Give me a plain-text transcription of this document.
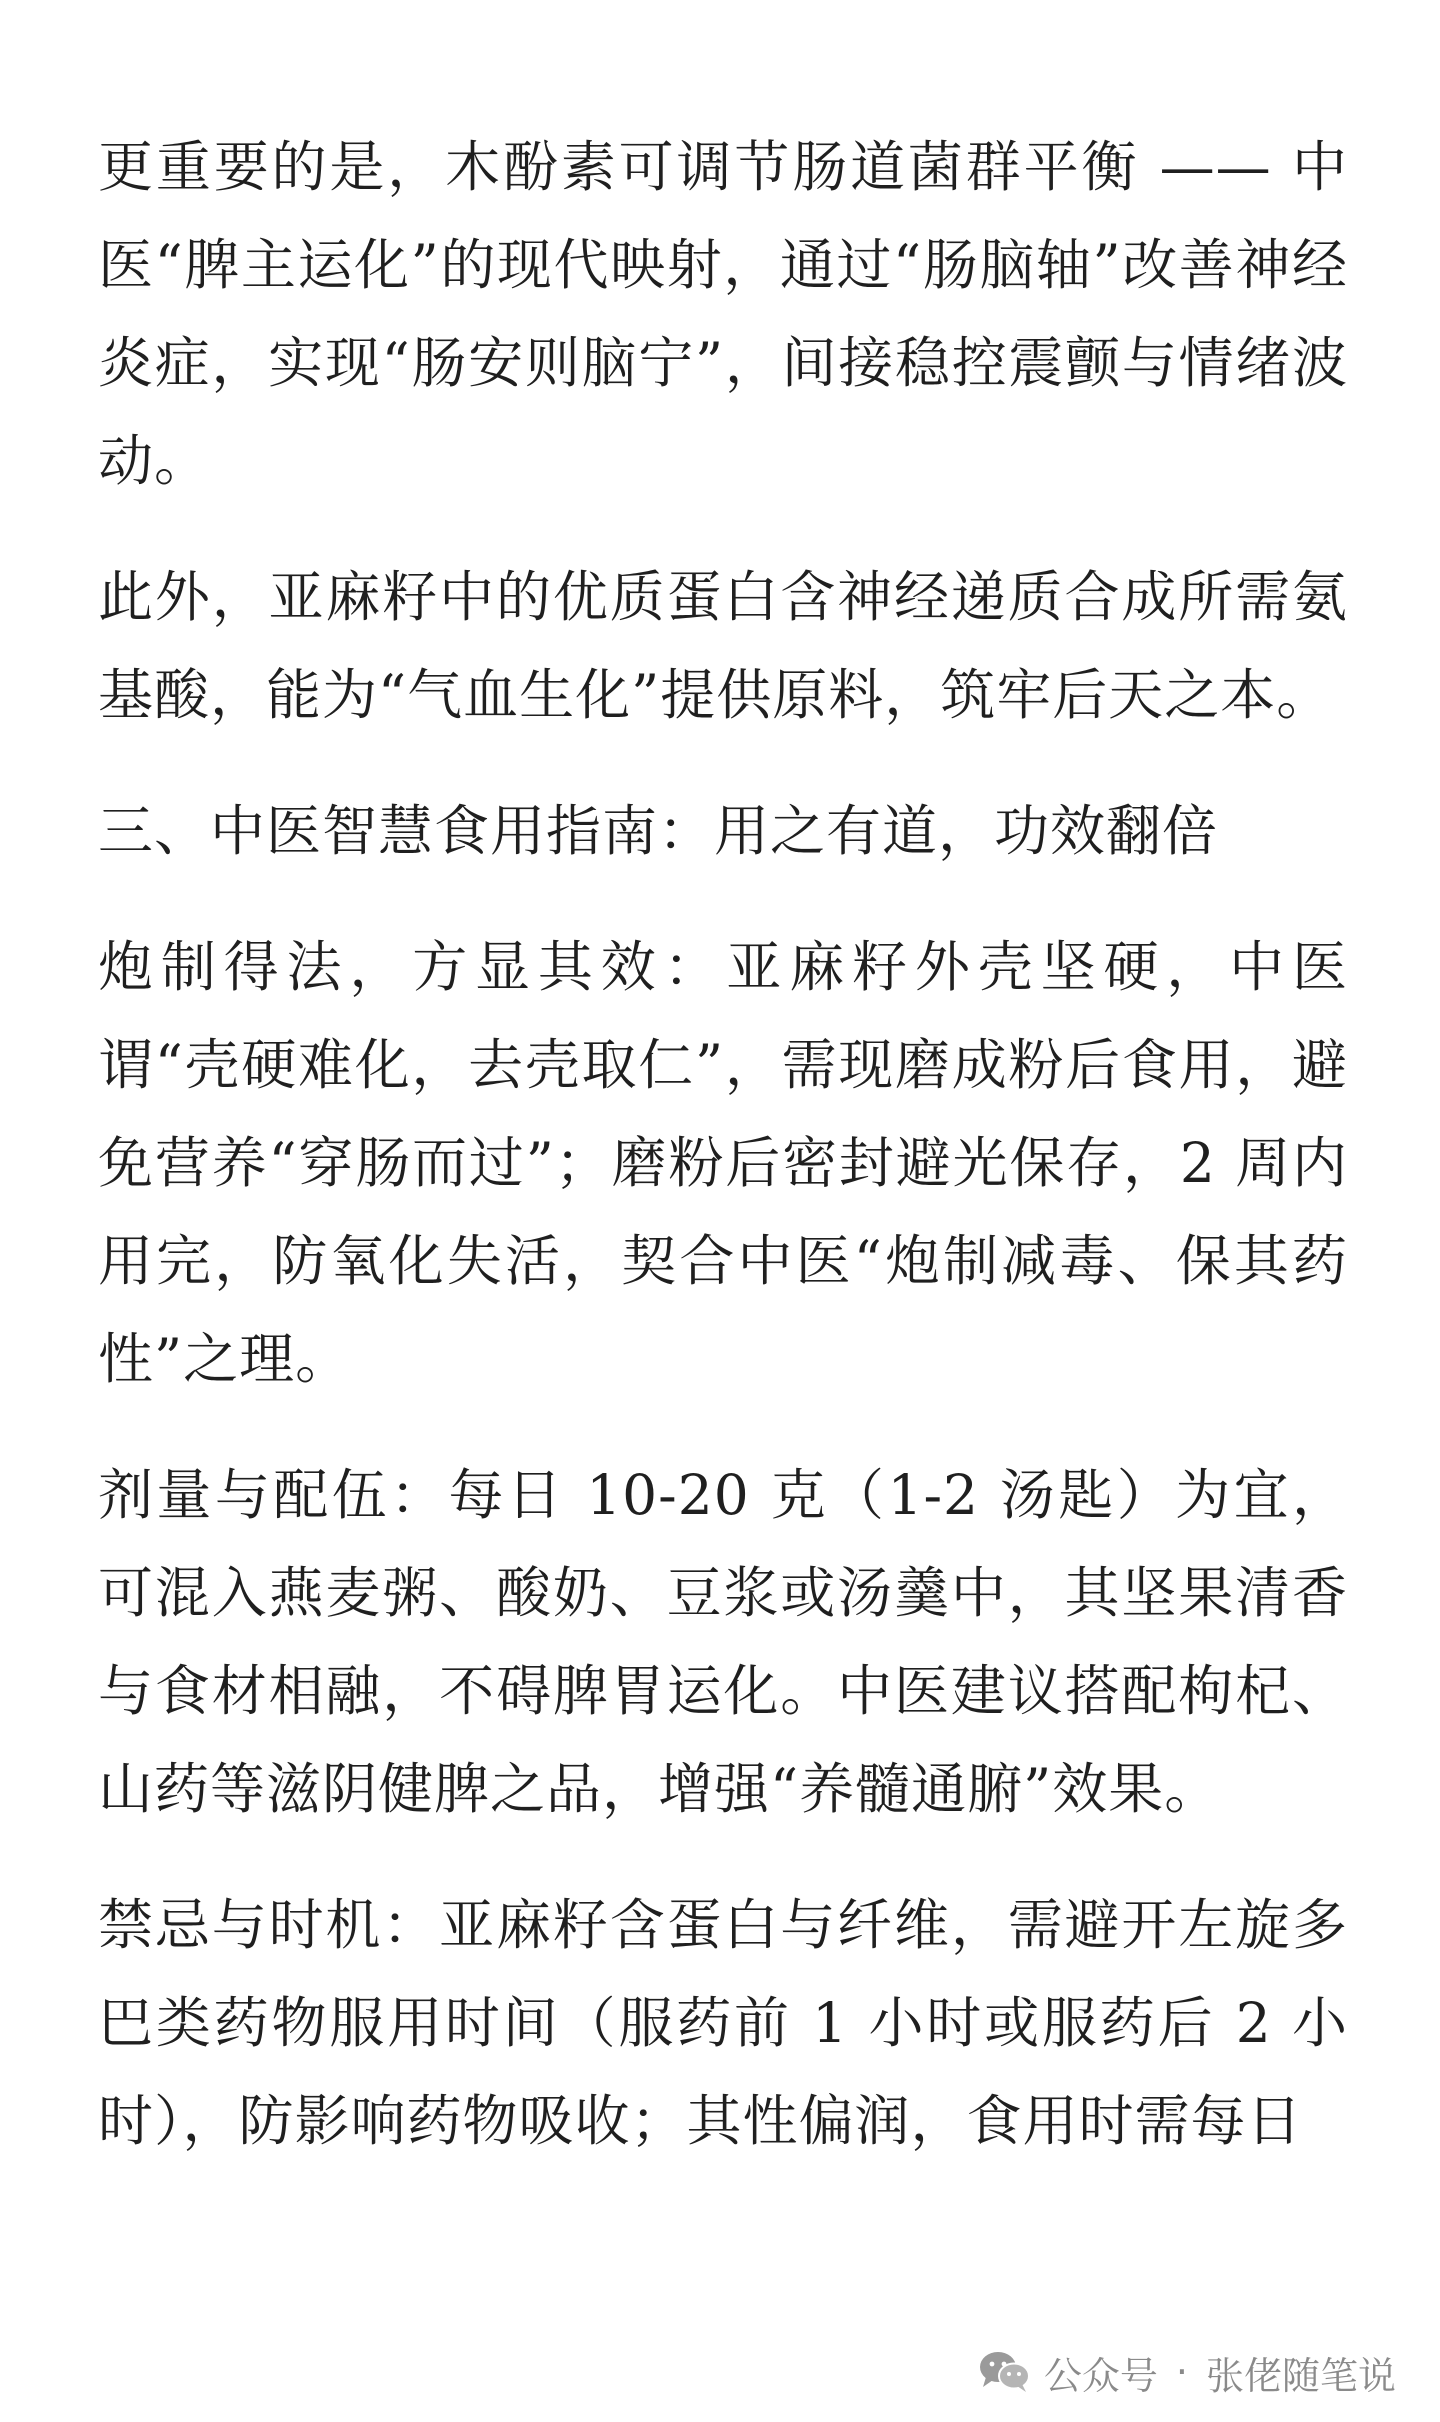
更重要的是，木酚素可调节肠道菌群平衡 —— 中医“脾主运化”的现代映射，通过“肠脑轴”改善神经炎症，实现“肠安则脑宁”，间接稳控震颤与情绪波动。

此外，亚麻籽中的优质蛋白含神经递质合成所需氨基酸，能为“气血生化”提供原料，筑牢后天之本。

三、中医智慧食用指南：用之有道，功效翻倍

炮制得法，方显其效：亚麻籽外壳坚硬，中医谓“壳硬难化，去壳取仁”，需现磨成粉后食用，避免营养“穿肠而过”；磨粉后密封避光保存，2 周内用完，防氧化失活，契合中医“炮制减毒、保其药性”之理。

剂量与配伍：每日 10-20 克（1-2 汤匙）为宜，可混入燕麦粥、酸奶、豆浆或汤羹中，其坚果清香与食材相融，不碍脾胃运化。中医建议搭配枸杞、山药等滋阴健脾之品，增强“养髓通腑”效果。

禁忌与时机：亚麻籽含蛋白与纤维，需避开左旋多巴类药物服用时间（服药前 1 小时或服药后 2 小时），防影响药物吸收；其性偏润，食用时需每日

公众号 · 张佬随笔说
